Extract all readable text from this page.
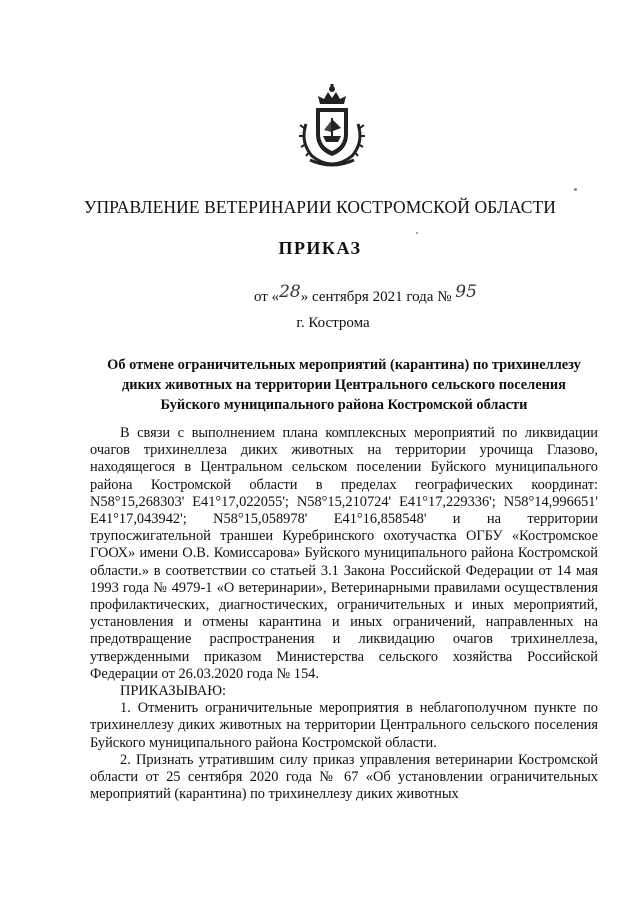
УПРАВЛЕНИЕ ВЕТЕРИНАРИИ КОСТРОМСКОЙ ОБЛАСТИ
ПРИКАЗ
от «28» сентября 2021 года № 95
г. Кострома
Об отмене ограничительных мероприятий (карантина) по трихинеллезу
диких животных на территории Центрального сельского поселения
Буйского муниципального района Костромской области

В связи с выполнением плана комплексных мероприятий по ликвидации очагов трихинеллеза диких животных на территории урочища Глазово, находящегося в Центральном сельском поселении Буйского муниципального района Костромской области в пределах географических координат: N58°15,268303' E41°17,022055'; N58°15,210724' E41°17,229336'; N58°14,996651' E41°17,043942'; N58°15,058978' E41°16,858548' и на территории трупосжигательной траншеи Куребринского охотучастка ОГБУ «Костромское ГООХ» имени О.В. Комиссарова» Буйского муниципального района Костромской области.» в соответствии со статьей 3.1 Закона Российской Федерации от 14 мая 1993 года № 4979-1 «О ветеринарии», Ветеринарными правилами осуществления профилактических, диагностических, ограничительных и иных мероприятий, установления и отмены карантина и иных ограничений, направленных на предотвращение распространения и ликвидацию очагов трихинеллеза, утвержденными приказом Министерства сельского хозяйства Российской Федерации от 26.03.2020 года № 154.

ПРИКАЗЫВАЮ:

1. Отменить ограничительные мероприятия в неблагополучном пункте по трихинеллезу диких животных на территории Центрального сельского поселения Буйского муниципального района Костромской области.

2. Признать утратившим силу приказ управления ветеринарии Костромской области от 25 сентября 2020 года № 67 «Об установлении ограничительных мероприятий (карантина) по трихинеллезу диких животных
